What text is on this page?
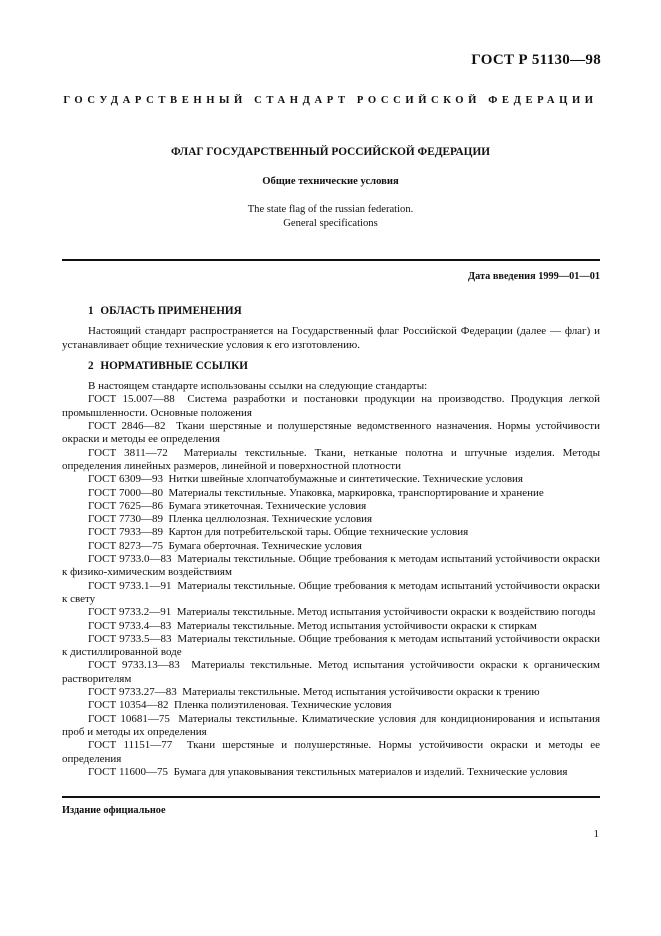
ГОСТ Р 51130—98
ГОСУДАРСТВЕННЫЙ СТАНДАРТ РОССИЙСКОЙ ФЕДЕРАЦИИ
ФЛАГ ГОСУДАРСТВЕННЫЙ РОССИЙСКОЙ ФЕДЕРАЦИИ
Общие технические условия
The state flag of the russian federation.
General specifications
Дата введения 1999—01—01
1 ОБЛАСТЬ ПРИМЕНЕНИЯ

Настоящий стандарт распространяется на Государственный флаг Российской Федерации (далее — флаг) и устанавливает общие технические условия к его изготовлению.

2 НОРМАТИВНЫЕ ССЫЛКИ

В настоящем стандарте использованы ссылки на следующие стандарты:

ГОСТ 15.007—88 Система разработки и постановки продукции на производство. Продукция легкой промышленности. Основные положения

ГОСТ 2846—82 Ткани шерстяные и полушерстяные ведомственного назначения. Нормы устойчивости окраски и методы ее определения

ГОСТ 3811—72 Материалы текстильные. Ткани, нетканые полотна и штучные изделия. Методы определения линейных размеров, линейной и поверхностной плотности

ГОСТ 6309—93 Нитки швейные хлопчатобумажные и синтетические. Технические условия

ГОСТ 7000—80 Материалы текстильные. Упаковка, маркировка, транспортирование и хранение

ГОСТ 7625—86 Бумага этикеточная. Технические условия

ГОСТ 7730—89 Пленка целлюлозная. Технические условия

ГОСТ 7933—89 Картон для потребительской тары. Общие технические условия

ГОСТ 8273—75 Бумага оберточная. Технические условия

ГОСТ 9733.0—83 Материалы текстильные. Общие требования к методам испытаний устойчивости окраски к физико-химическим воздействиям

ГОСТ 9733.1—91 Материалы текстильные. Общие требования к методам испытаний устойчивости окраски к свету

ГОСТ 9733.2—91 Материалы текстильные. Метод испытания устойчивости окраски к воздействию погоды

ГОСТ 9733.4—83 Материалы текстильные. Метод испытания устойчивости окраски к стиркам

ГОСТ 9733.5—83 Материалы текстильные. Общие требования к методам испытаний устойчивости окраски к дистиллированной воде

ГОСТ 9733.13—83 Материалы текстильные. Метод испытания устойчивости окраски к органическим растворителям

ГОСТ 9733.27—83 Материалы текстильные. Метод испытания устойчивости окраски к трению

ГОСТ 10354—82 Пленка полиэтиленовая. Технические условия

ГОСТ 10681—75 Материалы текстильные. Климатические условия для кондиционирования и испытания проб и методы их определения

ГОСТ 11151—77 Ткани шерстяные и полушерстяные. Нормы устойчивости окраски и методы ее определения

ГОСТ 11600—75 Бумага для упаковывания текстильных материалов и изделий. Технические условия

Издание официальное
1
